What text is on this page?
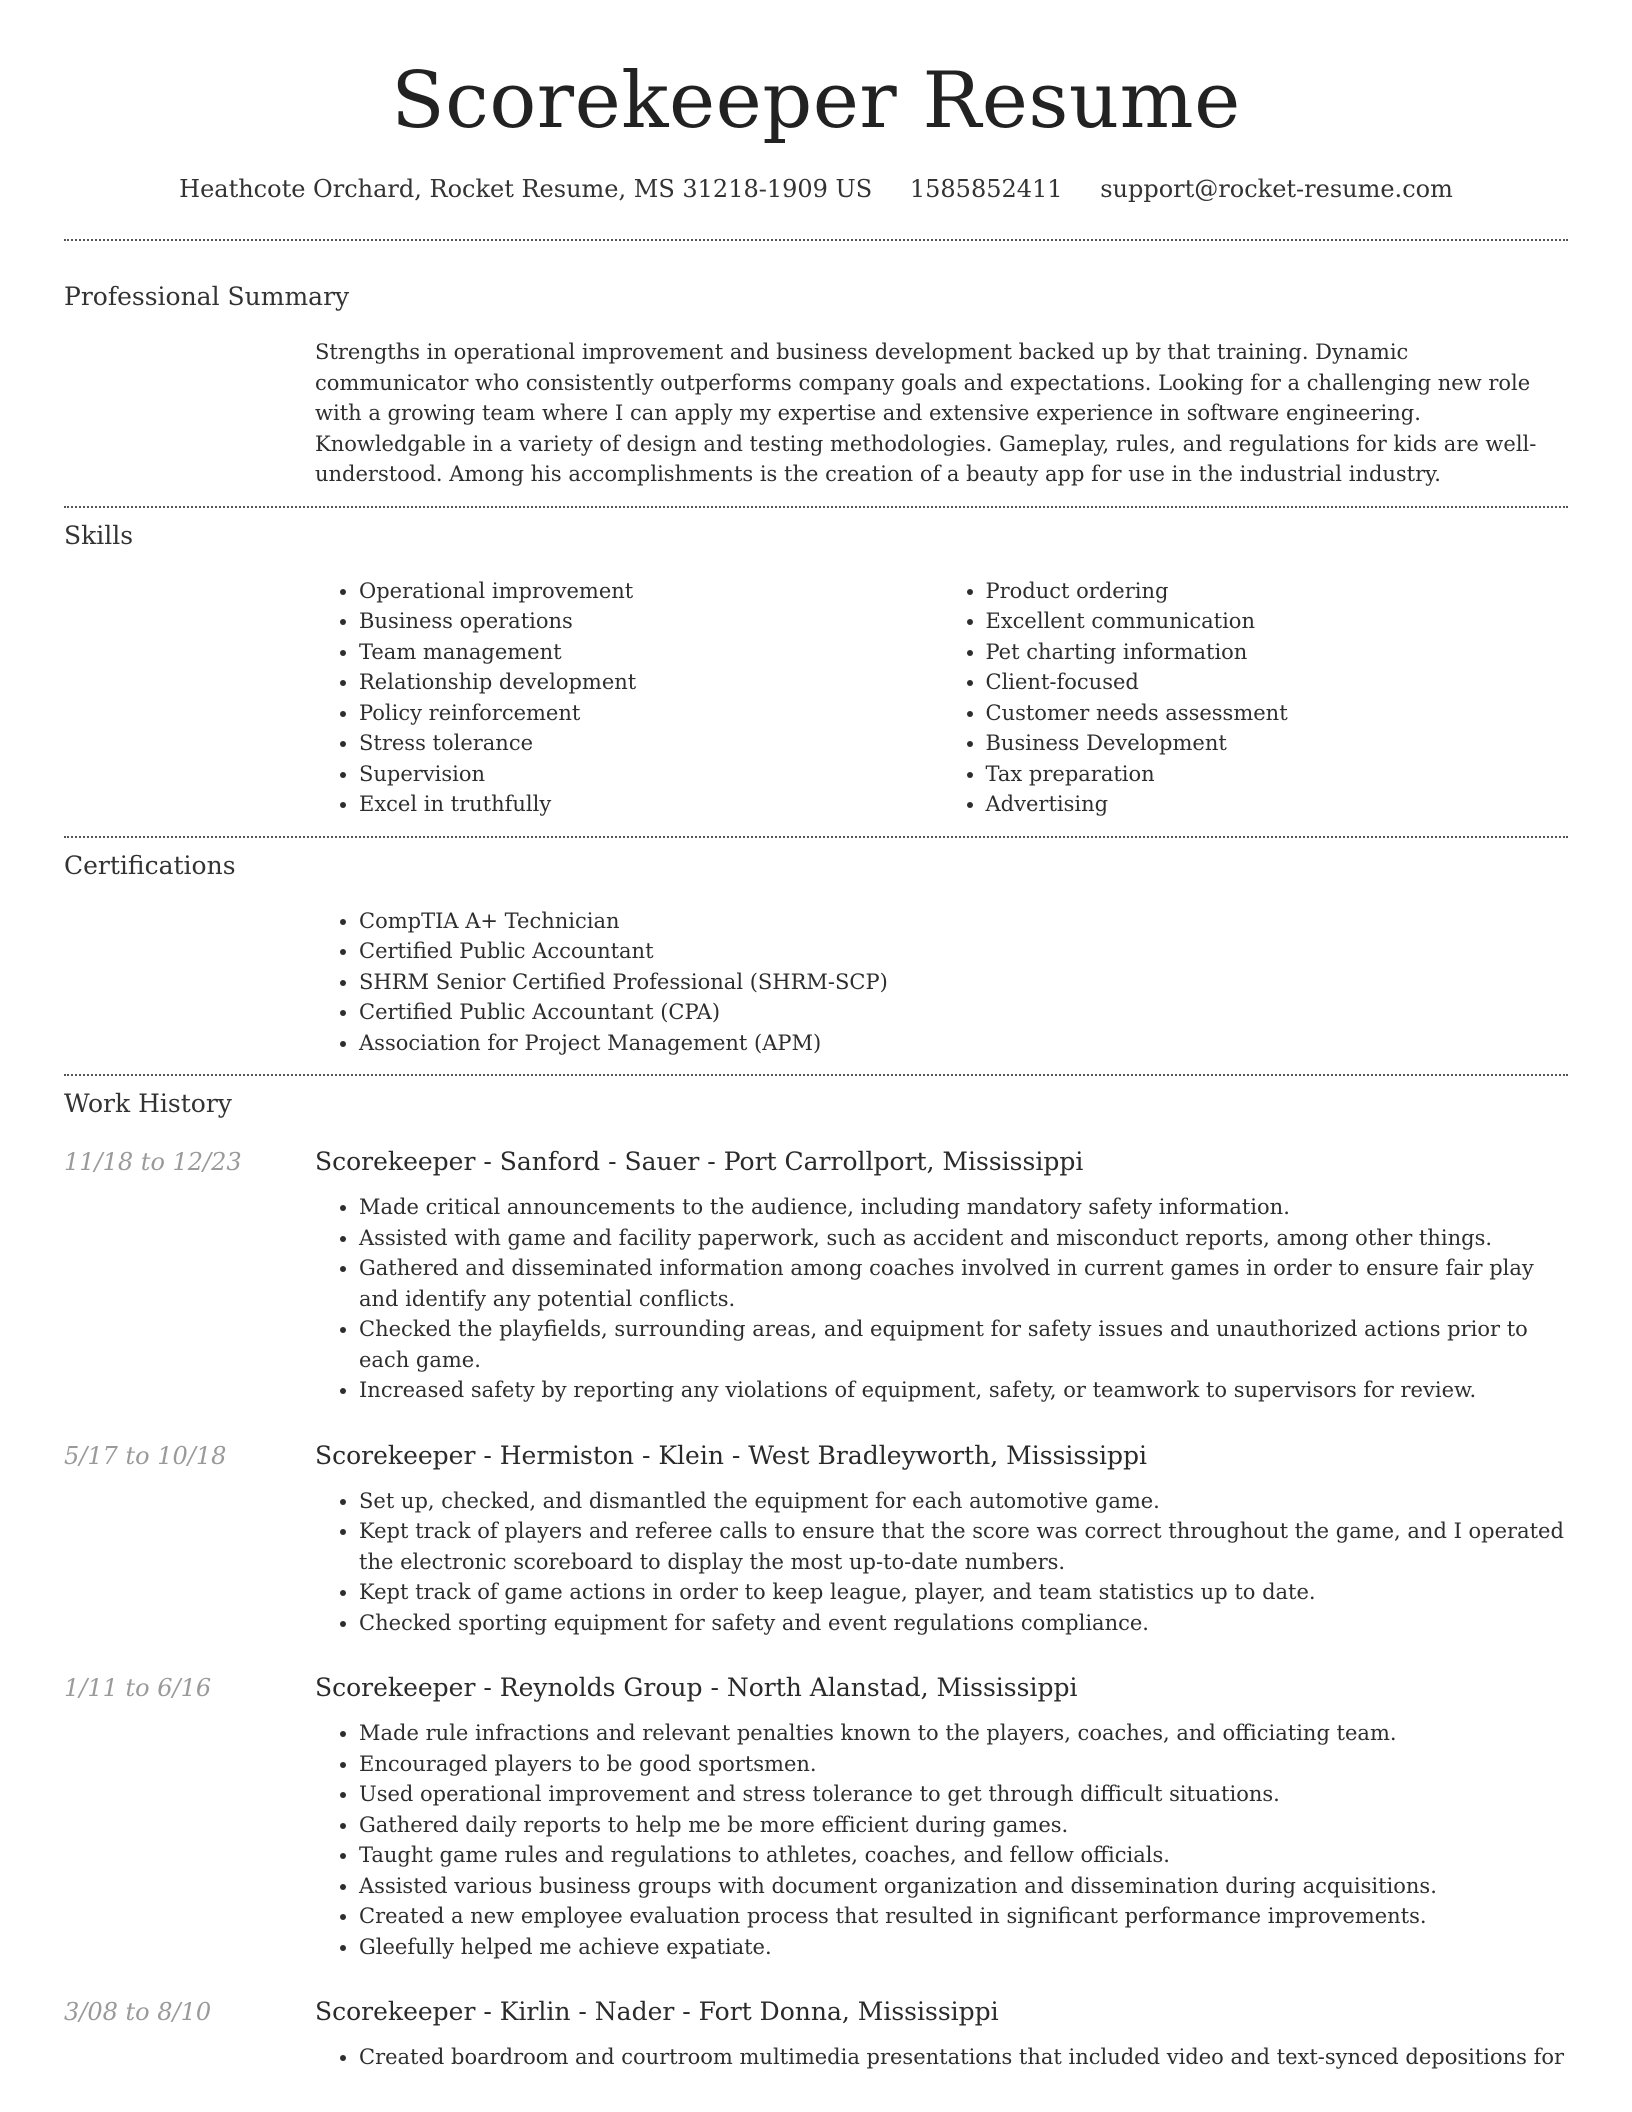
Scorekeeper Resume
Heathcote Orchard, Rocket Resume, MS 31218-1909 US 1585852411 support@rocket-resume.com
Professional Summary

Strengths in operational improvement and business development backed up by that training. Dynamic communicator who consistently outperforms company goals and expectations. Looking for a challenging new role with a growing team where I can apply my expertise and extensive experience in software engineering. Knowledgable in a variety of design and testing methodologies. Gameplay, rules, and regulations for kids are well-understood. Among his accomplishments is the creation of a beauty app for use in the industrial industry.

Skills
• Operational improvement
• Business operations
• Team management
• Relationship development
• Policy reinforcement
• Stress tolerance
• Supervision
• Excel in truthfully
• Product ordering
• Excellent communication
• Pet charting information
• Client-focused
• Customer needs assessment
• Business Development
• Tax preparation
• Advertising
Certifications
• CompTIA A+ Technician
• Certified Public Accountant
• SHRM Senior Certified Professional (SHRM-SCP)
• Certified Public Accountant (CPA)
• Association for Project Management (APM)
Work History
11/18 to 12/23	Scorekeeper - Sanford - Sauer - Port Carrollport, Mississippi
• Made critical announcements to the audience, including mandatory safety information.
• Assisted with game and facility paperwork, such as accident and misconduct reports, among other things.
• Gathered and disseminated information among coaches involved in current games in order to ensure fair play and identify any potential conflicts.
• Checked the playfields, surrounding areas, and equipment for safety issues and unauthorized actions prior to each game.
• Increased safety by reporting any violations of equipment, safety, or teamwork to supervisors for review.
5/17 to 10/18	Scorekeeper - Hermiston - Klein - West Bradleyworth, Mississippi
• Set up, checked, and dismantled the equipment for each automotive game.
• Kept track of players and referee calls to ensure that the score was correct throughout the game, and I operated the electronic scoreboard to display the most up-to-date numbers.
• Kept track of game actions in order to keep league, player, and team statistics up to date.
• Checked sporting equipment for safety and event regulations compliance.
1/11 to 6/16	Scorekeeper - Reynolds Group - North Alanstad, Mississippi
• Made rule infractions and relevant penalties known to the players, coaches, and officiating team.
• Encouraged players to be good sportsmen.
• Used operational improvement and stress tolerance to get through difficult situations.
• Gathered daily reports to help me be more efficient during games.
• Taught game rules and regulations to athletes, coaches, and fellow officials.
• Assisted various business groups with document organization and dissemination during acquisitions.
• Created a new employee evaluation process that resulted in significant performance improvements.
• Gleefully helped me achieve expatiate.
3/08 to 8/10	Scorekeeper - Kirlin - Nader - Fort Donna, Mississippi
• Created boardroom and courtroom multimedia presentations that included video and text-synced depositions for
